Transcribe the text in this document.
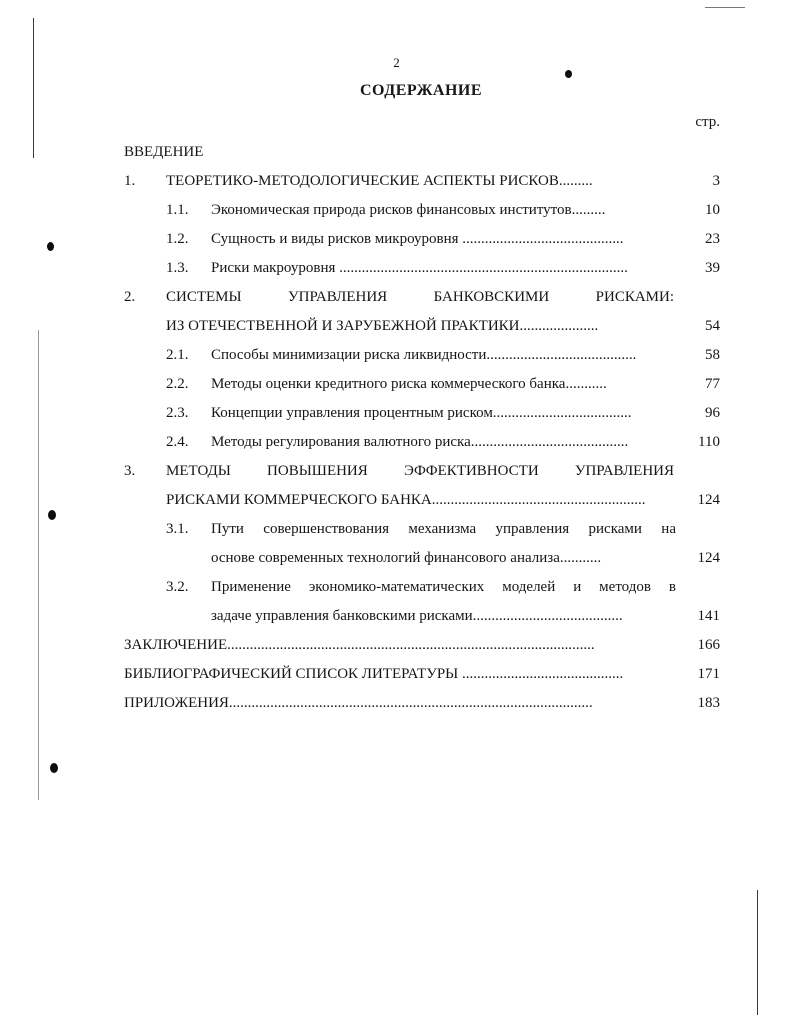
2
СОДЕРЖАНИЕ
стр.
ВВЕДЕНИЕ
1. ТЕОРЕТИКО-МЕТОДОЛОГИЧЕСКИЕ АСПЕКТЫ РИСКОВ.........	3
1.1. Экономическая природа рисков финансовых институтов.........	10
1.2. Сущность и виды рисков микроуровня ...........................................	23
1.3. Риски макроуровня .............................................................................	39
2. СИСТЕМЫ УПРАВЛЕНИЯ БАНКОВСКИМИ РИСКАМИ:
ИЗ ОТЕЧЕСТВЕННОЙ И ЗАРУБЕЖНОЙ ПРАКТИКИ.....................	54
2.1. Способы минимизации риска ликвидности........................................	58
2.2. Методы оценки кредитного риска коммерческого банка...........	77
2.3. Концепции управления процентным риском.....................................	96
2.4. Методы регулирования валютного риска..........................................	110
3. МЕТОДЫ ПОВЫШЕНИЯ ЭФФЕКТИВНОСТИ УПРАВЛЕНИЯ
РИСКАМИ КОММЕРЧЕСКОГО БАНКА.........................................................	124
3.1. Пути совершенствования механизма управления рисками на
основе современных технологий финансового анализа...........	124
3.2. Применение экономико-математических моделей и методов в
задаче управления банковскими рисками........................................	141
ЗАКЛЮЧЕНИЕ..................................................................................................	166
БИБЛИОГРАФИЧЕСКИЙ СПИСОК ЛИТЕРАТУРЫ ...........................................	171
ПРИЛОЖЕНИЯ.................................................................................................	183
